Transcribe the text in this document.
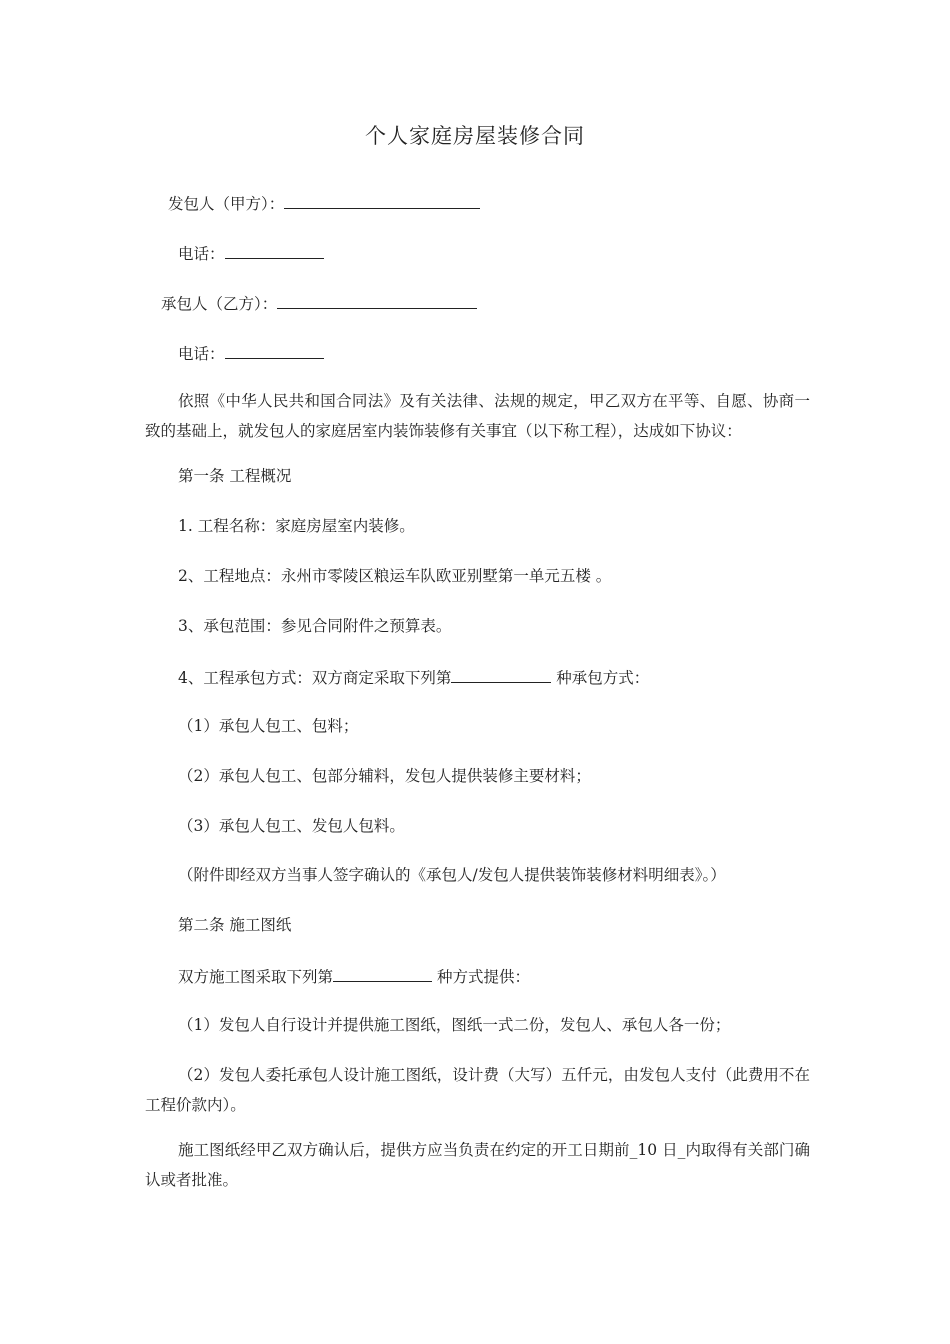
个人家庭房屋装修合同
发包人（甲方）：
电话：
承包人（乙方）：
电话：
依照《中华人民共和国合同法》及有关法律、法规的规定，甲乙双方在平等、自愿、协商一致的基础上，就发包人的家庭居室内装饰装修有关事宜（以下称工程），达成如下协议：
第一条 工程概况
1. 工程名称：家庭房屋室内装修。
2、工程地点：永州市零陵区粮运车队欧亚别墅第一单元五楼 。
3、承包范围：参见合同附件之预算表。
4、工程承包方式：双方商定采取下列第	种承包方式：
（1）承包人包工、包料；
（2）承包人包工、包部分辅料，发包人提供装修主要材料；
（3）承包人包工、发包人包料。
（附件即经双方当事人签字确认的《承包人/发包人提供装饰装修材料明细表》。）
第二条 施工图纸
双方施工图采取下列第	种方式提供：
（1）发包人自行设计并提供施工图纸，图纸一式二份，发包人、承包人各一份；
（2）发包人委托承包人设计施工图纸，设计费（大写）五仟元，由发包人支付（此费用不在工程价款内）。
施工图纸经甲乙双方确认后，提供方应当负责在约定的开工日期前_10 日_内取得有关部门确认或者批准。
